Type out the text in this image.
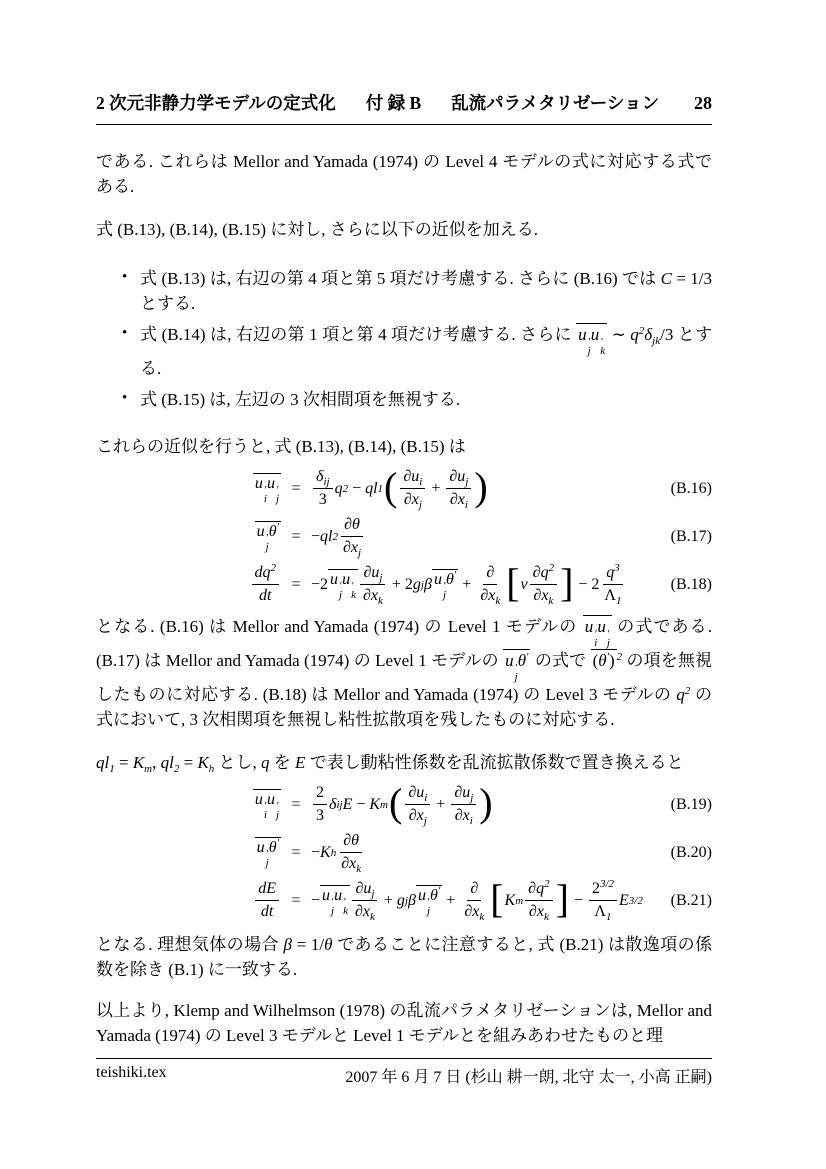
2 次元非静力学モデルの定式化 付 録 B 乱流パラメタリゼーション 28

である. これらは Mellor and Yamada (1974) の Level 4 モデルの式に対応する式である.

式 (B.13), (B.14), (B.15) に対し, さらに以下の近似を加える.

• 式 (B.13) は, 右辺の第 4 項と第 5 項だけ考慮する. さらに (B.16) では C = 1/3 とする.
• 式 (B.14) は, 右辺の第 1 項と第 4 項だけ考慮する. さらに u ′
j
u ′
k
∼ $q^2\delta_{jk}/3$ とする.
• 式 (B.15) は, 左辺の 3 次相間項を無視する.

これらの近似を行うと, 式 (B.13), (B.14), (B.15) は

u ′
i
u ′
j
= $\frac{\delta_{ij}}{3}$ q 2 − q l 1 ( $\frac{\partial u_i}{\partial x_j} + \frac{\partial u_j}{\partial x_i}$ )	(B.16)
u ′
j
θ′
= − q l $2 \frac{\partial\theta}{\partial x_j}$	(B.17)
$\frac{dq^2}{dt} = -2$ u ′
j
u ′
k $\frac{\partial u_j}{\partial x_k} + 2$ g j β u ′
j
θ′
+ $\frac{\partial}{\partial x_k}$ [ ν $\frac{\partial q^2}{\partial x_k}$ ] − $2 \frac{q^3}{\Lambda_1}$	(B.18)

となる. (B.16) は Mellor and Yamada (1974) の Level 1 モデルの u ′
i
u ′
j
の式である. (B.17) は Mellor and Yamada (1974) の Level 1 モデルの u ′
j
θ′ の式で (θ′) $^2$ の項を無視したものに対応する. (B.18) は Mellor and Yamada (1974) の Level 3 モデルの $q^2$ の式において, 3 次相関項を無視し粘性拡散項を残したものに対応する.

$ql_1 = K_m$, $ql_2 = K_h$ とし, q を E で表し動粘性係数を乱流拡散係数で置き換えると

u ′
i
u ′
j
= $\frac{2}{3}$ δ ij E − K m ( $\frac{\partial u_i}{\partial x_j} + \frac{\partial u_j}{\partial x_i}$ )	(B.19)
u ′
j
θ′
= − K h $\frac{\partial\theta}{\partial x_k}$	(B.20)
$\frac{dE}{dt}$ = − u ′
j
u ′
k $\frac{\partial u_j}{\partial x_k} + g$ j β u ′
j
θ′
+ $\frac{\partial}{\partial x_k}$ [ K m $\frac{\partial q^2}{\partial x_k}$ ] − $\frac{2^{3/2}}{\Lambda_1}$ E 3/2 (B.21)

となる. 理想気体の場合 β = 1/θ であることに注意すると, 式 (B.21) は散逸項の係数を除き (B.1) に一致する.

以上より, Klemp and Wilhelmson (1978) の乱流パラメタリゼーションは, Mellor and Yamada (1974) の Level 3 モデルと Level 1 モデルとを組みあわせたものと理

teishiki.tex	2007 年 6 月 7 日 (杉山 耕一朗, 北守 太一, 小高 正嗣)
